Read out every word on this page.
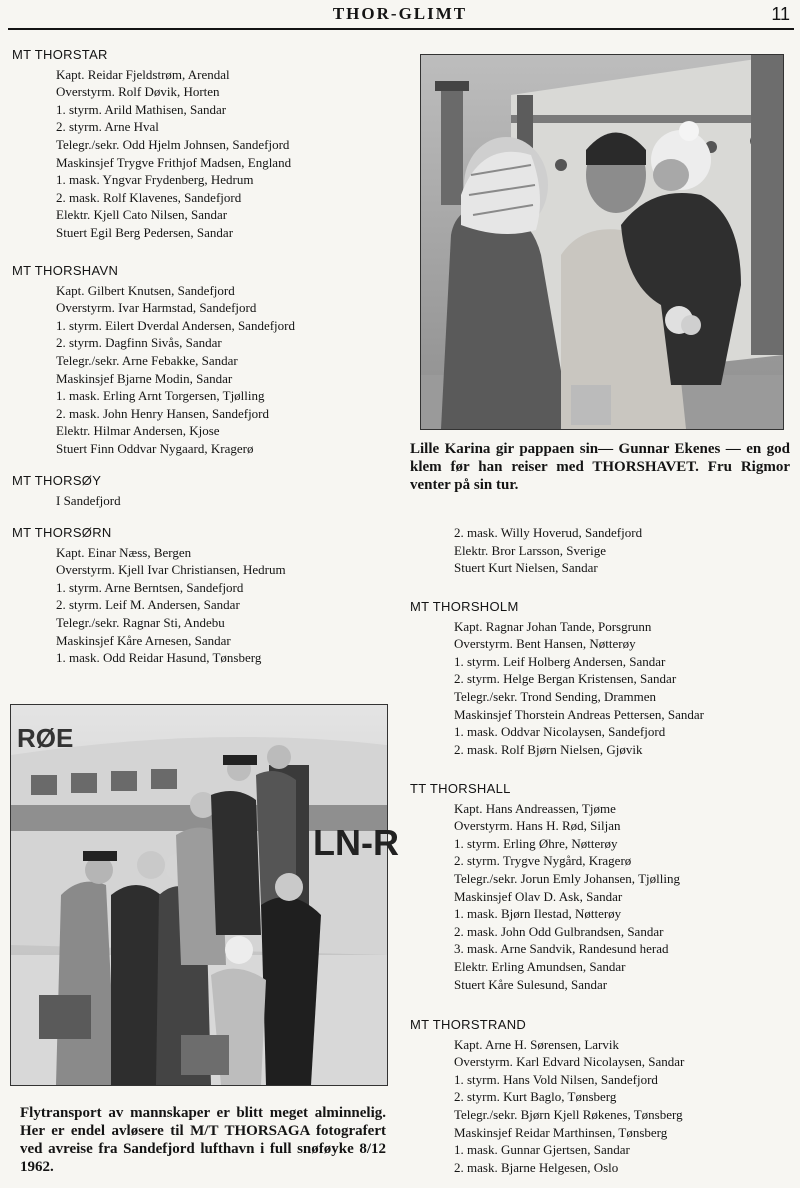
THOR-GLIMT	11
MT THORSTAR
Kapt. Reidar Fjeldstrøm, Arendal
Overstyrm. Rolf Døvik, Horten
1. styrm. Arild Mathisen, Sandar
2. styrm. Arne Hval
Telegr./sekr. Odd Hjelm Johnsen, Sandefjord
Maskinsjef Trygve Frithjof Madsen, England
1. mask. Yngvar Frydenberg, Hedrum
2. mask. Rolf Klavenes, Sandefjord
Elektr. Kjell Cato Nilsen, Sandar
Stuert Egil Berg Pedersen, Sandar
MT THORSHAVN
Kapt. Gilbert Knutsen, Sandefjord
Overstyrm. Ivar Harmstad, Sandefjord
1. styrm. Eilert Dverdal Andersen, Sandefjord
2. styrm. Dagfinn Sivås, Sandar
Telegr./sekr. Arne Febakke, Sandar
Maskinsjef Bjarne Modin, Sandar
1. mask. Erling Arnt Torgersen, Tjølling
2. mask. John Henry Hansen, Sandefjord
Elektr. Hilmar Andersen, Kjose
Stuert Finn Oddvar Nygaard, Kragerø
MT THORSØY
I Sandefjord
MT THORSØRN
Kapt. Einar Næss, Bergen
Overstyrm. Kjell Ivar Christiansen, Hedrum
1. styrm. Arne Berntsen, Sandefjord
2. styrm. Leif M. Andersen, Sandar
Telegr./sekr. Ragnar Sti, Andebu
Maskinsjef Kåre Arnesen, Sandar
1. mask. Odd Reidar Hasund, Tønsberg
2. mask. Willy Hoverud, Sandefjord
Elektr. Bror Larsson, Sverige
Stuert Kurt Nielsen, Sandar
MT THORSHOLM
Kapt. Ragnar Johan Tande, Porsgrunn
Overstyrm. Bent Hansen, Nøtterøy
1. styrm. Leif Holberg Andersen, Sandar
2. styrm. Helge Bergan Kristensen, Sandar
Telegr./sekr. Trond Sending, Drammen
Maskinsjef Thorstein Andreas Pettersen, Sandar
1. mask. Oddvar Nicolaysen, Sandefjord
2. mask. Rolf Bjørn Nielsen, Gjøvik
TT THORSHALL
Kapt. Hans Andreassen, Tjøme
Overstyrm. Hans H. Rød, Siljan
1. styrm. Erling Øhre, Nøtterøy
2. styrm. Trygve Nygård, Kragerø
Telegr./sekr. Jorun Emly Johansen, Tjølling
Maskinsjef Olav D. Ask, Sandar
1. mask. Bjørn Ilestad, Nøtterøy
2. mask. John Odd Gulbrandsen, Sandar
3. mask. Arne Sandvik, Randesund herad
Elektr. Erling Amundsen, Sandar
Stuert Kåre Sulesund, Sandar
MT THORSTRAND
Kapt. Arne H. Sørensen, Larvik
Overstyrm. Karl Edvard Nicolaysen, Sandar
1. styrm. Hans Vold Nilsen, Sandefjord
2. styrm. Kurt Baglo, Tønsberg
Telegr./sekr. Bjørn Kjell Røkenes, Tønsberg
Maskinsjef Reidar Marthinsen, Tønsberg
1. mask. Gunnar Gjertsen, Sandar
2. mask. Bjarne Helgesen, Oslo
Lille Karina gir pappaen sin— Gunnar Ekenes — en god klem før han reiser med THORSHAVET. Fru Rigmor venter på sin tur.
RØE
LN-R
Flytransport av mannskaper er blitt meget alminnelig. Her er endel avløsere til M/T THORSAGA fotografert ved avreise fra Sandefjord lufthavn i full snøføyke 8/12 1962.
